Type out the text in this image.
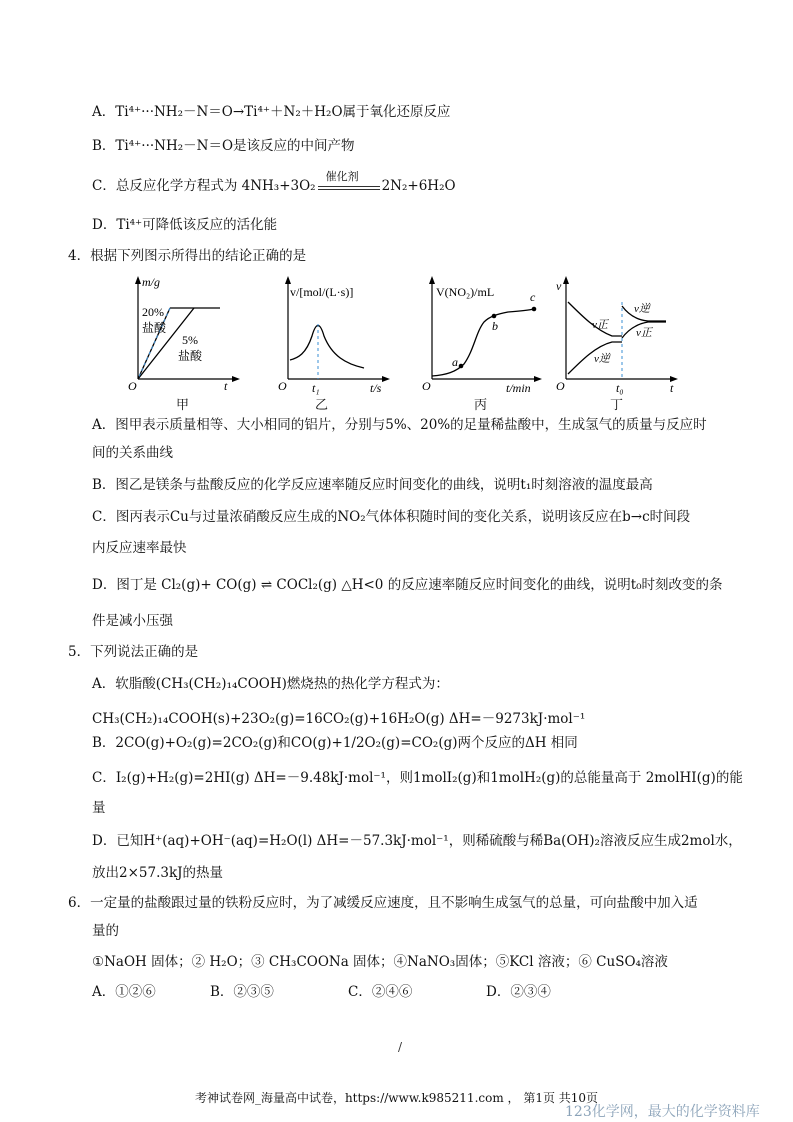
A．Ti⁴⁺···NH₂－N＝O→Ti⁴⁺＋N₂＋H₂O属于氧化还原反应
B．Ti⁴⁺···NH₂－N＝O是该反应的中间产物
C．总反应化学方程式为 4NH₃+3O₂
催化剂
2N₂+6H₂O
D．Ti⁴⁺可降低该反应的活化能
4．根据下列图示所得出的结论正确的是
m/g
O	t
20%
盐酸
5%
盐酸
甲
v/[mol/(L·s)]
O t₁	t/s
乙
V(NO₂)/mL
O	t/min
a
b
c
丙
v
O	t₀	t
v正
v逆
v逆
v正
丁
A．图甲表示质量相等、大小相同的铝片，分别与5%、20%的足量稀盐酸中，生成氢气的质量与反应时
间的关系曲线
B．图乙是镁条与盐酸反应的化学反应速率随反应时间变化的曲线，说明t₁时刻溶液的温度最高
C．图丙表示Cu与过量浓硝酸反应生成的NO₂气体体积随时间的变化关系，说明该反应在b→c时间段
内反应速率最快
D．图丁是 Cl₂(g)+ CO(g) ⇌ COCl₂(g) △H<0 的反应速率随反应时间变化的曲线，说明t₀时刻改变的条
件是减小压强
5．下列说法正确的是
A．软脂酸(CH₃(CH₂)₁₄COOH)燃烧热的热化学方程式为：
CH₃(CH₂)₁₄COOH(s)+23O₂(g)=16CO₂(g)+16H₂O(g) ΔH=－9273kJ·mol⁻¹
B．2CO(g)+O₂(g)=2CO₂(g)和CO(g)+1/2O₂(g)=CO₂(g)两个反应的ΔH 相同
C．I₂(g)+H₂(g)=2HI(g) ΔH=－9.48kJ·mol⁻¹，则1molI₂(g)和1molH₂(g)的总能量高于 2molHI(g)的能
量
D．已知H⁺(aq)+OH⁻(aq)=H₂O(l) ΔH=－57.3kJ·mol⁻¹，则稀硫酸与稀Ba(OH)₂溶液反应生成2mol水，
放出2×57.3kJ的热量
6．一定量的盐酸跟过量的铁粉反应时，为了减缓反应速度，且不影响生成氢气的总量，可向盐酸中加入适
量的
①NaOH 固体；② H₂O；③ CH₃COONa 固体；④NaNO₃固体；⑤KCl 溶液；⑥ CuSO₄溶液
A．①②⑥	B．②③⑤	C．②④⑥	D．②③④
/
考神试卷网_海量高中试卷，https://www.k985211.com ， 第1页 共10页
123化学网，最大的化学资料库
